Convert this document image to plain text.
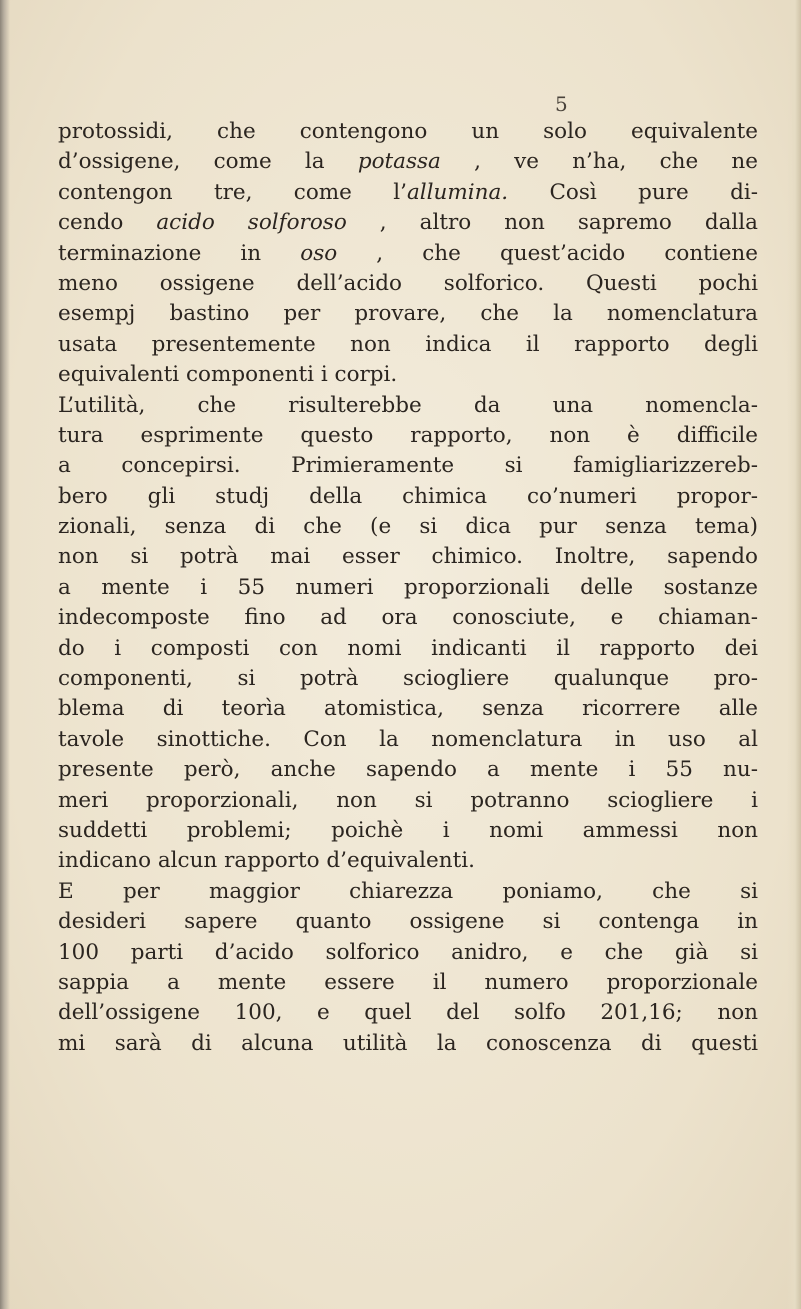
5
protossidi, che contengono un solo equivalente
d’ossigene, come la potassa , ve n’ha, che ne
contengon tre, come l’allumina. Così pure di-
cendo acido solforoso , altro non sapremo dalla
terminazione in oso , che quest’acido contiene
meno ossigene dell’acido solforico. Questi pochi
esempj bastino per provare, che la nomenclatura
usata presentemente non indica il rapporto degli
equivalenti componenti i corpi.
L’utilità, che risulterebbe da una nomencla-
tura esprimente questo rapporto, non è difficile
a concepirsi. Primieramente si famigliarizzereb-
bero gli studj della chimica co’numeri propor-
zionali, senza di che (e si dica pur senza tema)
non si potrà mai esser chimico. Inoltre, sapendo
a mente i 55 numeri proporzionali delle sostanze
indecomposte fino ad ora conosciute, e chiaman-
do i composti con nomi indicanti il rapporto dei
componenti, si potrà sciogliere qualunque pro-
blema di teorìa atomistica, senza ricorrere alle
tavole sinottiche. Con la nomenclatura in uso al
presente però, anche sapendo a mente i 55 nu-
meri proporzionali, non si potranno sciogliere i
suddetti problemi; poichè i nomi ammessi non
indicano alcun rapporto d’equivalenti.
E per maggior chiarezza poniamo, che si
desideri sapere quanto ossigene si contenga in
100 parti d’acido solforico anidro, e che già si
sappia a mente essere il numero proporzionale
dell’ossigene 100, e quel del solfo 201,16; non
mi sarà di alcuna utilità la conoscenza di questi
